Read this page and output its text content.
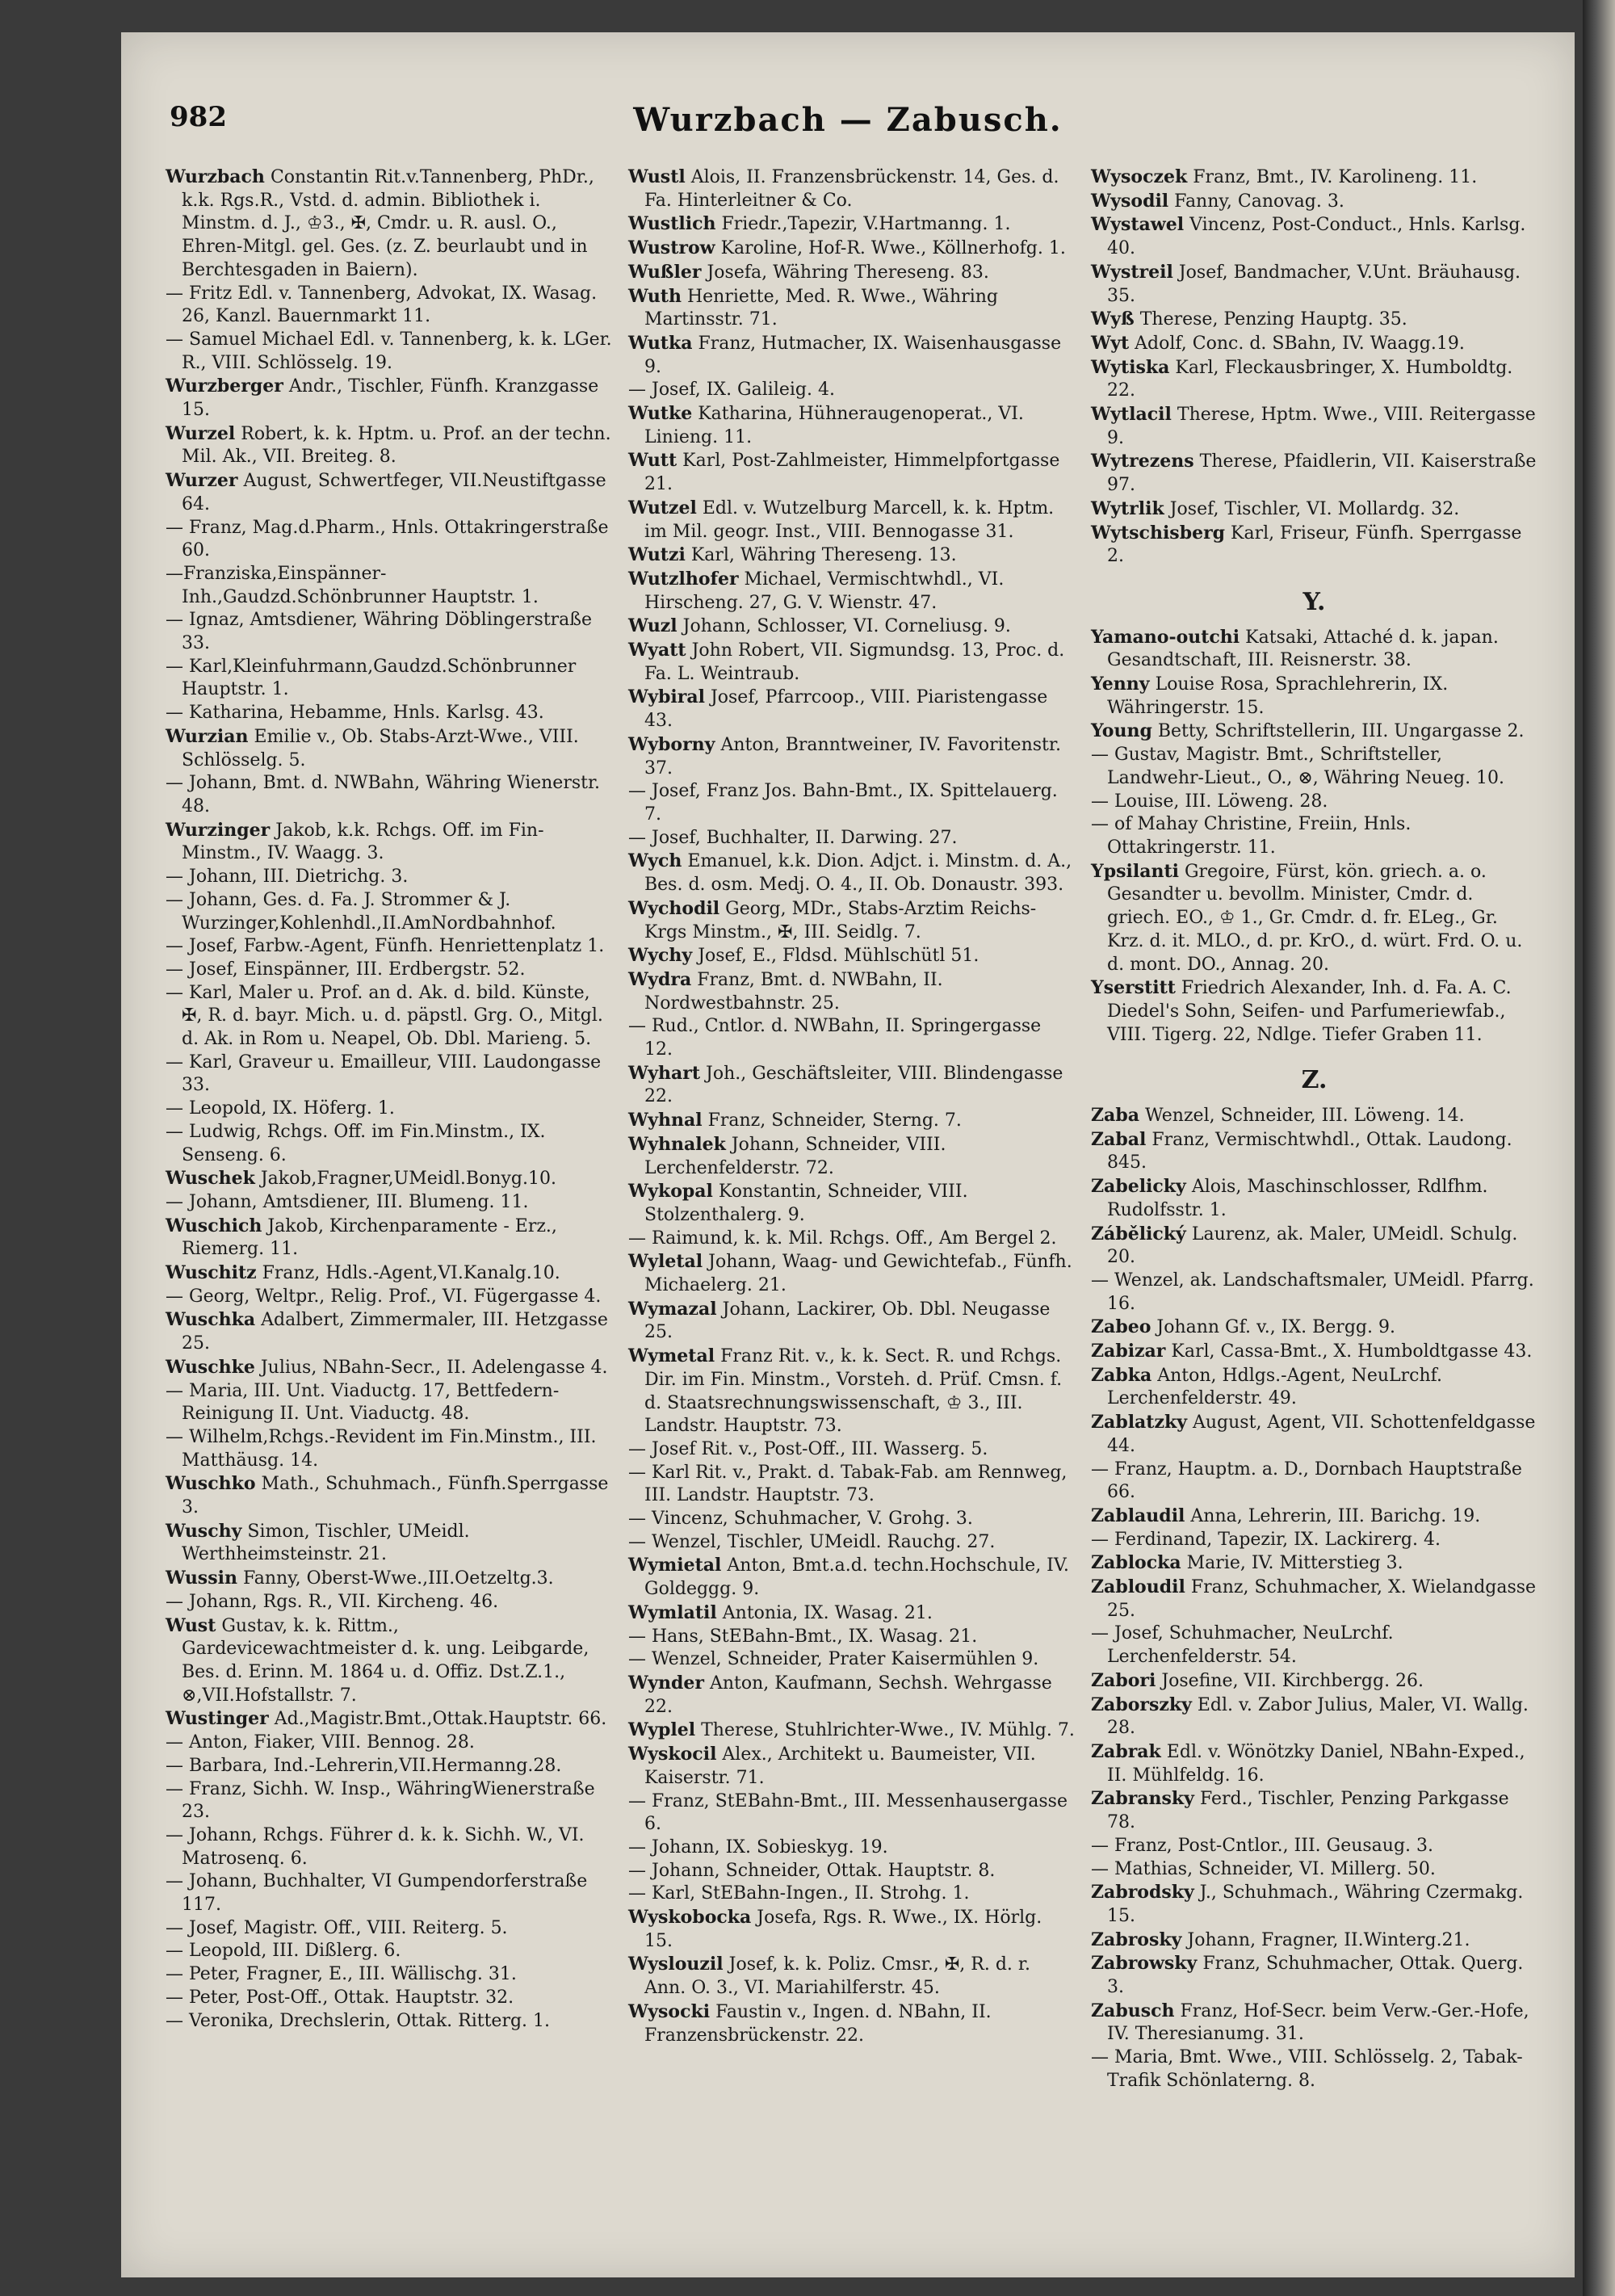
982	Wurzbach — Zabusch.

Wurzbach Constantin Rit.v.Tannenberg, PhDr., k.k. Rgs.R., Vstd. d. admin. Bibliothek i. Minstm. d. J., ♔3., ✠, Cmdr. u. R. ausl. O., Ehren-Mitgl. gel. Ges. (z. Z. beurlaubt und in Berchtesgaden in Baiern).

— Fritz Edl. v. Tannenberg, Advokat, IX. Wasag. 26, Kanzl. Bauernmarkt 11.

— Samuel Michael Edl. v. Tannenberg, k. k. LGer. R., VIII. Schlösselg. 19.

Wurzberger Andr., Tischler, Fünfh. Kranzgasse 15.

Wurzel Robert, k. k. Hptm. u. Prof. an der techn. Mil. Ak., VII. Breiteg. 8.

Wurzer August, Schwertfeger, VII.Neustiftgasse 64.

— Franz, Mag.d.Pharm., Hnls. Ottakringerstraße 60.

—Franziska,Einspänner-Inh.,Gaudzd.Schönbrunner Hauptstr. 1.

— Ignaz, Amtsdiener, Währing Döblingerstraße 33.

— Karl,Kleinfuhrmann,Gaudzd.Schönbrunner Hauptstr. 1.

— Katharina, Hebamme, Hnls. Karlsg. 43.

Wurzian Emilie v., Ob. Stabs-Arzt-Wwe., VIII. Schlösselg. 5.

— Johann, Bmt. d. NWBahn, Währing Wienerstr. 48.

Wurzinger Jakob, k.k. Rchgs. Off. im Fin-Minstm., IV. Waagg. 3.

— Johann, III. Dietrichg. 3.

— Johann, Ges. d. Fa. J. Strommer & J. Wurzinger,Kohlenhdl.,II.AmNordbahnhof.

— Josef, Farbw.-Agent, Fünfh. Henriettenplatz 1.

— Josef, Einspänner, III. Erdbergstr. 52.

— Karl, Maler u. Prof. an d. Ak. d. bild. Künste, ✠, R. d. bayr. Mich. u. d. päpstl. Grg. O., Mitgl. d. Ak. in Rom u. Neapel, Ob. Dbl. Marieng. 5.

— Karl, Graveur u. Emailleur, VIII. Laudongasse 33.

— Leopold, IX. Höferg. 1.

— Ludwig, Rchgs. Off. im Fin.Minstm., IX. Senseng. 6.

Wuschek Jakob,Fragner,UMeidl.Bonyg.10.

— Johann, Amtsdiener, III. Blumeng. 11.

Wuschich Jakob, Kirchenparamente - Erz., Riemerg. 11.

Wuschitz Franz, Hdls.-Agent,VI.Kanalg.10.

— Georg, Weltpr., Relig. Prof., VI. Fügergasse 4.

Wuschka Adalbert, Zimmermaler, III. Hetzgasse 25.

Wuschke Julius, NBahn-Secr., II. Adelengasse 4.

— Maria, III. Unt. Viaductg. 17, Bettfedern-Reinigung II. Unt. Viaductg. 48.

— Wilhelm,Rchgs.-Revident im Fin.Minstm., III. Matthäusg. 14.

Wuschko Math., Schuhmach., Fünfh.Sperrgasse 3.

Wuschy Simon, Tischler, UMeidl. Werthheimsteinstr. 21.

Wussin Fanny, Oberst-Wwe.,III.Oetzeltg.3.

— Johann, Rgs. R., VII. Kircheng. 46.

Wust Gustav, k. k. Rittm., Gardevicewachtmeister d. k. ung. Leibgarde, Bes. d. Erinn. M. 1864 u. d. Offiz. Dst.Z.1., ⊗,VII.Hofstallstr. 7.

Wustinger Ad.,Magistr.Bmt.,Ottak.Hauptstr. 66.

— Anton, Fiaker, VIII. Bennog. 28.

— Barbara, Ind.-Lehrerin,VII.Hermanng.28.

— Franz, Sichh. W. Insp., WähringWienerstraße 23.

— Johann, Rchgs. Führer d. k. k. Sichh. W., VI. Matrosenq. 6.

— Johann, Buchhalter, VI Gumpendorferstraße 117.

— Josef, Magistr. Off., VIII. Reiterg. 5.

— Leopold, III. Dißlerg. 6.

— Peter, Fragner, E., III. Wällischg. 31.

— Peter, Post-Off., Ottak. Hauptstr. 32.

— Veronika, Drechslerin, Ottak. Ritterg. 1.

Wustl Alois, II. Franzensbrückenstr. 14, Ges. d. Fa. Hinterleitner & Co.

Wustlich Friedr.,Tapezir, V.Hartmanng. 1.

Wustrow Karoline, Hof-R. Wwe., Köllnerhofg. 1.

Wußler Josefa, Währing Thereseng. 83.

Wuth Henriette, Med. R. Wwe., Währing Martinsstr. 71.

Wutka Franz, Hutmacher, IX. Waisenhausgasse 9.

— Josef, IX. Galileig. 4.

Wutke Katharina, Hühneraugenoperat., VI. Linieng. 11.

Wutt Karl, Post-Zahlmeister, Himmelpfortgasse 21.

Wutzel Edl. v. Wutzelburg Marcell, k. k. Hptm. im Mil. geogr. Inst., VIII. Bennogasse 31.

Wutzi Karl, Währing Thereseng. 13.

Wutzlhofer Michael, Vermischtwhdl., VI. Hirscheng. 27, G. V. Wienstr. 47.

Wuzl Johann, Schlosser, VI. Corneliusg. 9.

Wyatt John Robert, VII. Sigmundsg. 13, Proc. d. Fa. L. Weintraub.

Wybiral Josef, Pfarrcoop., VIII. Piaristengasse 43.

Wyborny Anton, Branntweiner, IV. Favoritenstr. 37.

— Josef, Franz Jos. Bahn-Bmt., IX. Spittelauerg. 7.

— Josef, Buchhalter, II. Darwing. 27.

Wych Emanuel, k.k. Dion. Adjct. i. Minstm. d. A., Bes. d. osm. Medj. O. 4., II. Ob. Donaustr. 393.

Wychodil Georg, MDr., Stabs-Arztim Reichs-Krgs Minstm., ✠, III. Seidlg. 7.

Wychy Josef, E., Fldsd. Mühlschütl 51.

Wydra Franz, Bmt. d. NWBahn, II. Nordwestbahnstr. 25.

— Rud., Cntlor. d. NWBahn, II. Springergasse 12.

Wyhart Joh., Geschäftsleiter, VIII. Blindengasse 22.

Wyhnal Franz, Schneider, Sterng. 7.

Wyhnalek Johann, Schneider, VIII. Lerchenfelderstr. 72.

Wykopal Konstantin, Schneider, VIII. Stolzenthalerg. 9.

— Raimund, k. k. Mil. Rchgs. Off., Am Bergel 2.

Wyletal Johann, Waag- und Gewichtefab., Fünfh. Michaelerg. 21.

Wymazal Johann, Lackirer, Ob. Dbl. Neugasse 25.

Wymetal Franz Rit. v., k. k. Sect. R. und Rchgs. Dir. im Fin. Minstm., Vorsteh. d. Prüf. Cmsn. f. d. Staatsrechnungswissenschaft, ♔ 3., III. Landstr. Hauptstr. 73.

— Josef Rit. v., Post-Off., III. Wasserg. 5.

— Karl Rit. v., Prakt. d. Tabak-Fab. am Rennweg, III. Landstr. Hauptstr. 73.

— Vincenz, Schuhmacher, V. Grohg. 3.

— Wenzel, Tischler, UMeidl. Rauchg. 27.

Wymietal Anton, Bmt.a.d. techn.Hochschule, IV. Goldeggg. 9.

Wymlatil Antonia, IX. Wasag. 21.

— Hans, StEBahn-Bmt., IX. Wasag. 21.

— Wenzel, Schneider, Prater Kaisermühlen 9.

Wynder Anton, Kaufmann, Sechsh. Wehrgasse 22.

Wyplel Therese, Stuhlrichter-Wwe., IV. Mühlg. 7.

Wyskocil Alex., Architekt u. Baumeister, VII. Kaiserstr. 71.

— Franz, StEBahn-Bmt., III. Messenhausergasse 6.

— Johann, IX. Sobieskyg. 19.

— Johann, Schneider, Ottak. Hauptstr. 8.

— Karl, StEBahn-Ingen., II. Strohg. 1.

Wyskobocka Josefa, Rgs. R. Wwe., IX. Hörlg. 15.

Wyslouzil Josef, k. k. Poliz. Cmsr., ✠, R. d. r. Ann. O. 3., VI. Mariahilferstr. 45.

Wysocki Faustin v., Ingen. d. NBahn, II. Franzensbrückenstr. 22.

Wysoczek Franz, Bmt., IV. Karolineng. 11.

Wysodil Fanny, Canovag. 3.

Wystawel Vincenz, Post-Conduct., Hnls. Karlsg. 40.

Wystreil Josef, Bandmacher, V.Unt. Bräuhausg. 35.

Wyß Therese, Penzing Hauptg. 35.

Wyt Adolf, Conc. d. SBahn, IV. Waagg.19.

Wytiska Karl, Fleckausbringer, X. Humboldtg. 22.

Wytlacil Therese, Hptm. Wwe., VIII. Reitergasse 9.

Wytrezens Therese, Pfaidlerin, VII. Kaiserstraße 97.

Wytrlik Josef, Tischler, VI. Mollardg. 32.

Wytschisberg Karl, Friseur, Fünfh. Sperrgasse 2.

Y.

Yamano-outchi Katsaki, Attaché d. k. japan. Gesandtschaft, III. Reisnerstr. 38.

Yenny Louise Rosa, Sprachlehrerin, IX. Währingerstr. 15.

Young Betty, Schriftstellerin, III. Ungargasse 2.

— Gustav, Magistr. Bmt., Schriftsteller, Landwehr-Lieut., O., ⊗, Währing Neueg. 10.

— Louise, III. Löweng. 28.

— of Mahay Christine, Freiin, Hnls. Ottakringerstr. 11.

Ypsilanti Gregoire, Fürst, kön. griech. a. o. Gesandter u. bevollm. Minister, Cmdr. d. griech. EO., ♔ 1., Gr. Cmdr. d. fr. ELeg., Gr. Krz. d. it. MLO., d. pr. KrO., d. würt. Frd. O. u. d. mont. DO., Annag. 20.

Yserstitt Friedrich Alexander, Inh. d. Fa. A. C. Diedel's Sohn, Seifen- und Parfumeriewfab., VIII. Tigerg. 22, Ndlge. Tiefer Graben 11.

Z.

Zaba Wenzel, Schneider, III. Löweng. 14.

Zabal Franz, Vermischtwhdl., Ottak. Laudong. 845.

Zabelicky Alois, Maschinschlosser, Rdlfhm. Rudolfsstr. 1.

Zábělický Laurenz, ak. Maler, UMeidl. Schulg. 20.

— Wenzel, ak. Landschaftsmaler, UMeidl. Pfarrg. 16.

Zabeo Johann Gf. v., IX. Bergg. 9.

Zabizar Karl, Cassa-Bmt., X. Humboldtgasse 43.

Zabka Anton, Hdlgs.-Agent, NeuLrchf. Lerchenfelderstr. 49.

Zablatzky August, Agent, VII. Schottenfeldgasse 44.

— Franz, Hauptm. a. D., Dornbach Hauptstraße 66.

Zablaudil Anna, Lehrerin, III. Barichg. 19.

— Ferdinand, Tapezir, IX. Lackirerg. 4.

Zablocka Marie, IV. Mitterstieg 3.

Zabloudil Franz, Schuhmacher, X. Wielandgasse 25.

— Josef, Schuhmacher, NeuLrchf. Lerchenfelderstr. 54.

Zabori Josefine, VII. Kirchbergg. 26.

Zaborszky Edl. v. Zabor Julius, Maler, VI. Wallg. 28.

Zabrak Edl. v. Wönötzky Daniel, NBahn-Exped., II. Mühlfeldg. 16.

Zabransky Ferd., Tischler, Penzing Parkgasse 78.

— Franz, Post-Cntlor., III. Geusaug. 3.

— Mathias, Schneider, VI. Millerg. 50.

Zabrodsky J., Schuhmach., Währing Czermakg. 15.

Zabrosky Johann, Fragner, II.Winterg.21.

Zabrowsky Franz, Schuhmacher, Ottak. Querg. 3.

Zabusch Franz, Hof-Secr. beim Verw.-Ger.-Hofe, IV. Theresianumg. 31.

— Maria, Bmt. Wwe., VIII. Schlösselg. 2, Tabak-Trafik Schönlaterng. 8.
